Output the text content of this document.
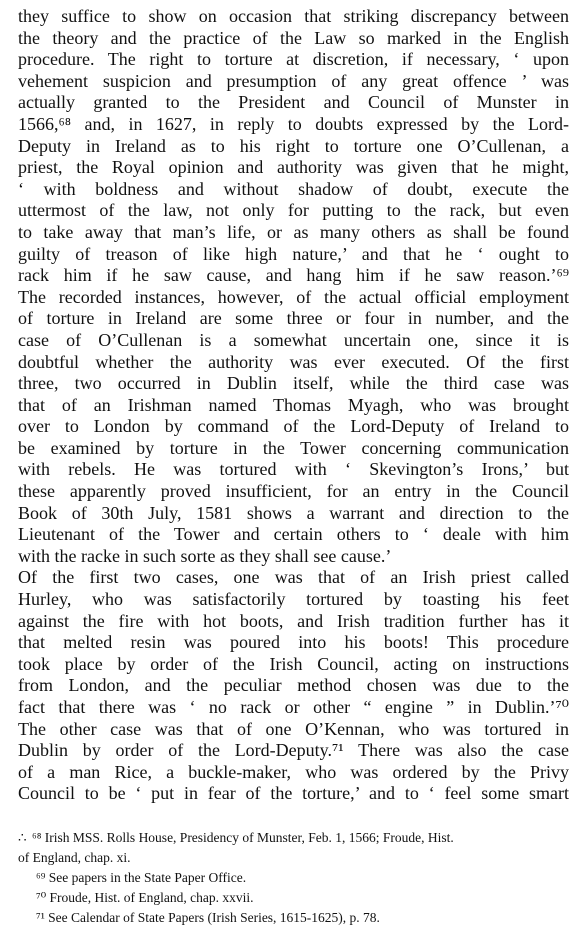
they suffice to show on occasion that striking discrepancy between
the theory and the practice of the Law so marked in the English
procedure. The right to torture at discretion, if necessary, ‘ upon
vehement suspicion and presumption of any great offence ’ was
actually granted to the President and Council of Munster in
1566,⁶⁸ and, in 1627, in reply to doubts expressed by the Lord-
Deputy in Ireland as to his right to torture one O’Cullenan, a
priest, the Royal opinion and authority was given that he might,
‘ with boldness and without shadow of doubt, execute the
uttermost of the law, not only for putting to the rack, but even
to take away that man’s life, or as many others as shall be found
guilty of treason of like high nature,’ and that he ‘ ought to
rack him if he saw cause, and hang him if he saw reason.’⁶⁹
The recorded instances, however, of the actual official employment
of torture in Ireland are some three or four in number, and the
case of O’Cullenan is a somewhat uncertain one, since it is
doubtful whether the authority was ever executed. Of the first
three, two occurred in Dublin itself, while the third case was
that of an Irishman named Thomas Myagh, who was brought
over to London by command of the Lord-Deputy of Ireland to
be examined by torture in the Tower concerning communication
with rebels. He was tortured with ‘ Skevington’s Irons,’ but
these apparently proved insufficient, for an entry in the Council
Book of 30th July, 1581 shows a warrant and direction to the
Lieutenant of the Tower and certain others to ‘ deale with him
with the racke in such sorte as they shall see cause.’
Of the first two cases, one was that of an Irish priest called
Hurley, who was satisfactorily tortured by toasting his feet
against the fire with hot boots, and Irish tradition further has it
that melted resin was poured into his boots! This procedure
took place by order of the Irish Council, acting on instructions
from London, and the peculiar method chosen was due to the
fact that there was ‘ no rack or other “ engine ” in Dublin.’⁷⁰
The other case was that of one O’Kennan, who was tortured in
Dublin by order of the Lord-Deputy.⁷¹ There was also the case
of a man Rice, a buckle-maker, who was ordered by the Privy
Council to be ‘ put in fear of the torture,’ and to ‘ feel some smart
∴ ⁶⁸ Irish MSS. Rolls House, Presidency of Munster, Feb. 1, 1566; Froude, Hist.
of England, chap. xi.
⁶⁹ See papers in the State Paper Office.
⁷⁰ Froude, Hist. of England, chap. xxvii.
⁷¹ See Calendar of State Papers (Irish Series, 1615-1625), p. 78.
